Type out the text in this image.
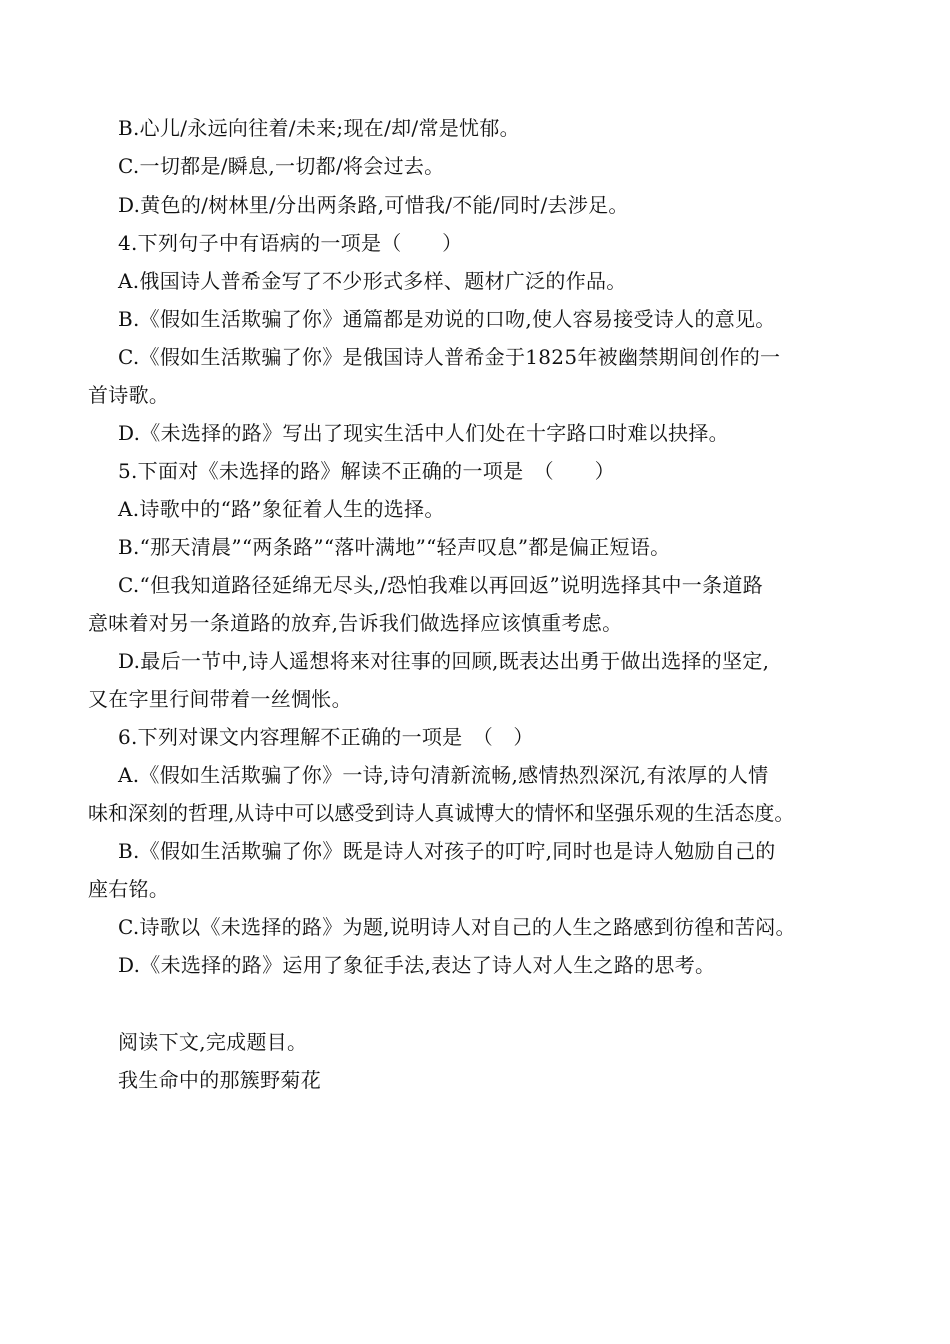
B.心儿/永远向往着/未来;现在/却/常是忧郁。
C.一切都是/瞬息,一切都/将会过去。
D.黄色的/树林里/分出两条路,可惜我/不能/同时/去涉足。
4.下列句子中有语病的一项是（　　）
A.俄国诗人普希金写了不少形式多样、题材广泛的作品。
B.《假如生活欺骗了你》通篇都是劝说的口吻,使人容易接受诗人的意见。
C.《假如生活欺骗了你》是俄国诗人普希金于1825年被幽禁期间创作的一
首诗歌。
D.《未选择的路》写出了现实生活中人们处在十字路口时难以抉择。
5.下面对《未选择的路》解读不正确的一项是　（　　）
A.诗歌中的“路”象征着人生的选择。
B.“那天清晨”“两条路”“落叶满地”“轻声叹息”都是偏正短语。
C.“但我知道路径延绵无尽头,/恐怕我难以再回返”说明选择其中一条道路
意味着对另一条道路的放弃,告诉我们做选择应该慎重考虑。
D.最后一节中,诗人遥想将来对往事的回顾,既表达出勇于做出选择的坚定,
又在字里行间带着一丝惆怅。
6.下列对课文内容理解不正确的一项是　（　）
A.《假如生活欺骗了你》一诗,诗句清新流畅,感情热烈深沉,有浓厚的人情
味和深刻的哲理,从诗中可以感受到诗人真诚博大的情怀和坚强乐观的生活态度。
B.《假如生活欺骗了你》既是诗人对孩子的叮咛,同时也是诗人勉励自己的
座右铭。
C.诗歌以《未选择的路》为题,说明诗人对自己的人生之路感到彷徨和苦闷。
D.《未选择的路》运用了象征手法,表达了诗人对人生之路的思考。
阅读下文,完成题目。
我生命中的那簇野菊花
